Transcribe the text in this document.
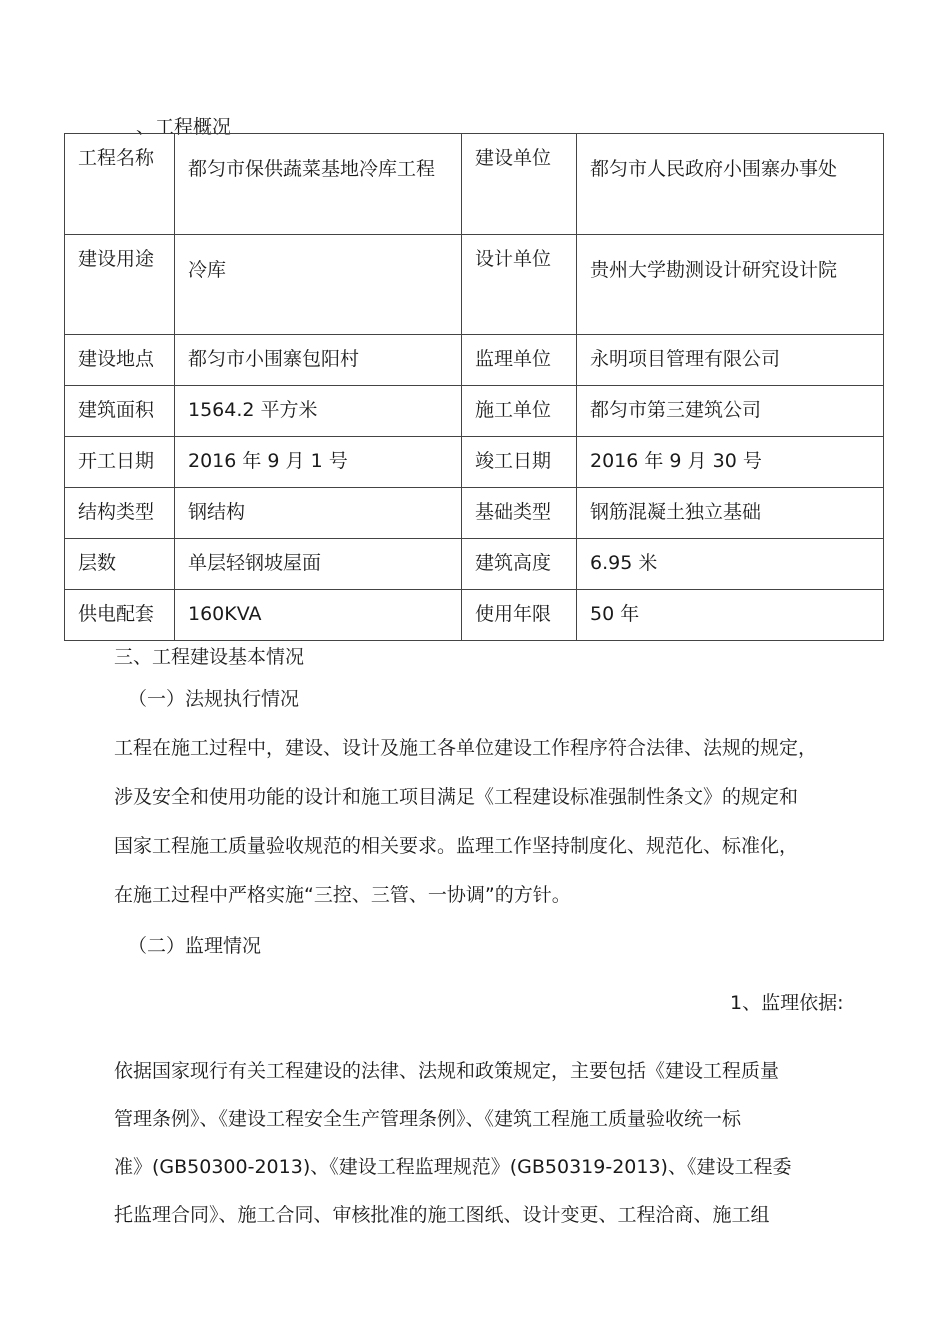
、工程概况
工程名称	都匀市保供蔬菜基地冷库工程	建设单位	都匀市人民政府小围寨办事处

建设用途	冷库	设计单位	贵州大学勘测设计研究设计院

建设地点	都匀市小围寨包阳村	监理单位	永明项目管理有限公司

建筑面积	1564.2 平方米	施工单位	都匀市第三建筑公司

开工日期	2016 年 9 月 1 号	竣工日期	2016 年 9 月 30 号

结构类型	钢结构	基础类型	钢筋混凝土独立基础

层数	单层轻钢坡屋面	建筑高度	6.95 米

供电配套	160KVA	使用年限	50 年
三、工程建设基本情况
（一）法规执行情况
工程在施工过程中，建设、设计及施工各单位建设工作程序符合法律、法规的规定，
涉及安全和使用功能的设计和施工项目满足《工程建设标准强制性条文》的规定和
国家工程施工质量验收规范的相关要求。监理工作坚持制度化、规范化、标准化，
在施工过程中严格实施“三控、三管、一协调”的方针。
（二）监理情况
1、监理依据:
依据国家现行有关工程建设的法律、法规和政策规定，主要包括《建设工程质量
管理条例》、《建设工程安全生产管理条例》、《建筑工程施工质量验收统一标
准》(GB50300-2013)、《建设工程监理规范》(GB50319-2013)、《建设工程委
托监理合同》、施工合同、审核批准的施工图纸、设计变更、工程洽商、施工组
